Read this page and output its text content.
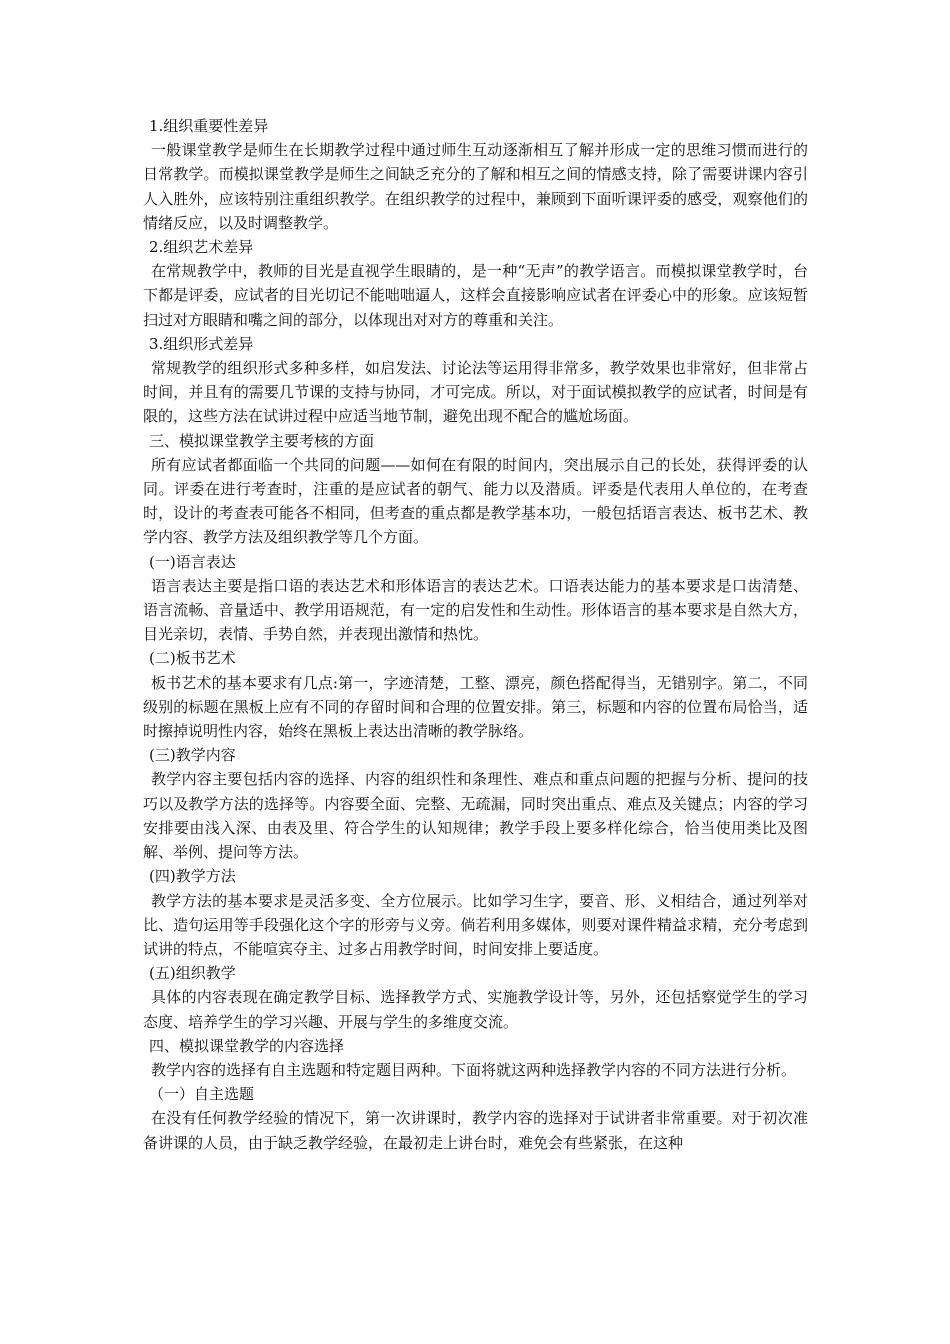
1.组织重要性差异

一般课堂教学是师生在长期教学过程中通过师生互动逐渐相互了解并形成一定的思维习惯而进行的日常教学。而模拟课堂教学是师生之间缺乏充分的了解和相互之间的情感支持，除了需要讲课内容引人入胜外，应该特别注重组织教学。在组织教学的过程中，兼顾到下面听课评委的感受，观察他们的情绪反应，以及时调整教学。

2.组织艺术差异

在常规教学中，教师的目光是直视学生眼睛的，是一种“无声”的教学语言。而模拟课堂教学时，台下都是评委，应试者的目光切记不能咄咄逼人，这样会直接影响应试者在评委心中的形象。应该短暂扫过对方眼睛和嘴之间的部分，以体现出对对方的尊重和关注。

3.组织形式差异

常规教学的组织形式多种多样，如启发法、讨论法等运用得非常多，教学效果也非常好，但非常占时间，并且有的需要几节课的支持与协同，才可完成。所以，对于面试模拟教学的应试者，时间是有限的，这些方法在试讲过程中应适当地节制，避免出现不配合的尴尬场面。

三、模拟课堂教学主要考核的方面

所有应试者都面临一个共同的问题——如何在有限的时间内，突出展示自己的长处，获得评委的认同。评委在进行考查时，注重的是应试者的朝气、能力以及潜质。评委是代表用人单位的，在考查时，设计的考查表可能各不相同，但考查的重点都是教学基本功，一般包括语言表达、板书艺术、教学内容、教学方法及组织教学等几个方面。

(一)语言表达

语言表达主要是指口语的表达艺术和形体语言的表达艺术。口语表达能力的基本要求是口齿清楚、语言流畅、音量适中、教学用语规范，有一定的启发性和生动性。形体语言的基本要求是自然大方，目光亲切，表情、手势自然，并表现出激情和热忱。

(二)板书艺术

板书艺术的基本要求有几点:第一，字迹清楚，工整、漂亮，颜色搭配得当，无错别字。第二，不同级别的标题在黑板上应有不同的存留时间和合理的位置安排。第三，标题和内容的位置布局恰当，适时擦掉说明性内容，始终在黑板上表达出清晰的教学脉络。

(三)教学内容

教学内容主要包括内容的选择、内容的组织性和条理性、难点和重点问题的把握与分析、提问的技巧以及教学方法的选择等。内容要全面、完整、无疏漏，同时突出重点、难点及关键点；内容的学习安排要由浅入深、由表及里、符合学生的认知规律；教学手段上要多样化综合，恰当使用类比及图解、举例、提问等方法。

(四)教学方法

教学方法的基本要求是灵活多变、全方位展示。比如学习生字，要音、形、义相结合，通过列举对比、造句运用等手段强化这个字的形旁与义旁。倘若利用多媒体，则要对课件精益求精，充分考虑到试讲的特点，不能喧宾夺主、过多占用教学时间，时间安排上要适度。

(五)组织教学

具体的内容表现在确定教学目标、选择教学方式、实施教学设计等，另外，还包括察觉学生的学习态度、培养学生的学习兴趣、开展与学生的多维度交流。

四、模拟课堂教学的内容选择

教学内容的选择有自主选题和特定题目两种。下面将就这两种选择教学内容的不同方法进行分析。

（一）自主选题

在没有任何教学经验的情况下，第一次讲课时，教学内容的选择对于试讲者非常重要。对于初次准备讲课的人员，由于缺乏教学经验，在最初走上讲台时，难免会有些紧张，在这种
